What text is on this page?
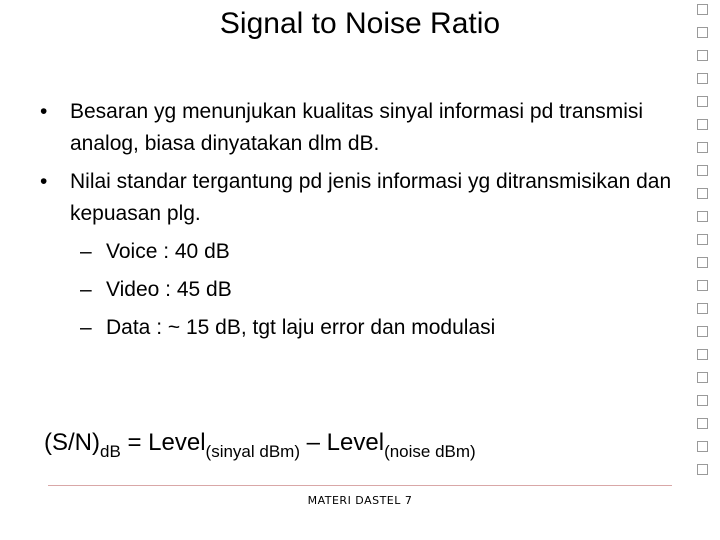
Signal to Noise Ratio
•	Besaran yg menunjukan kualitas sinyal informasi pd transmisi analog, biasa dinyatakan dlm dB.
•	Nilai standar tergantung pd jenis informasi yg ditransmisikan dan kepuasan plg.
– Voice : 40 dB
– Video : 45 dB
– Data : ~ 15 dB, tgt laju error dan modulasi
$(S/N)_{dB}$ = Level$_{(sinyal dBm)}$ – Level$_{(noise dBm)}$
MATERI DASTEL 7
